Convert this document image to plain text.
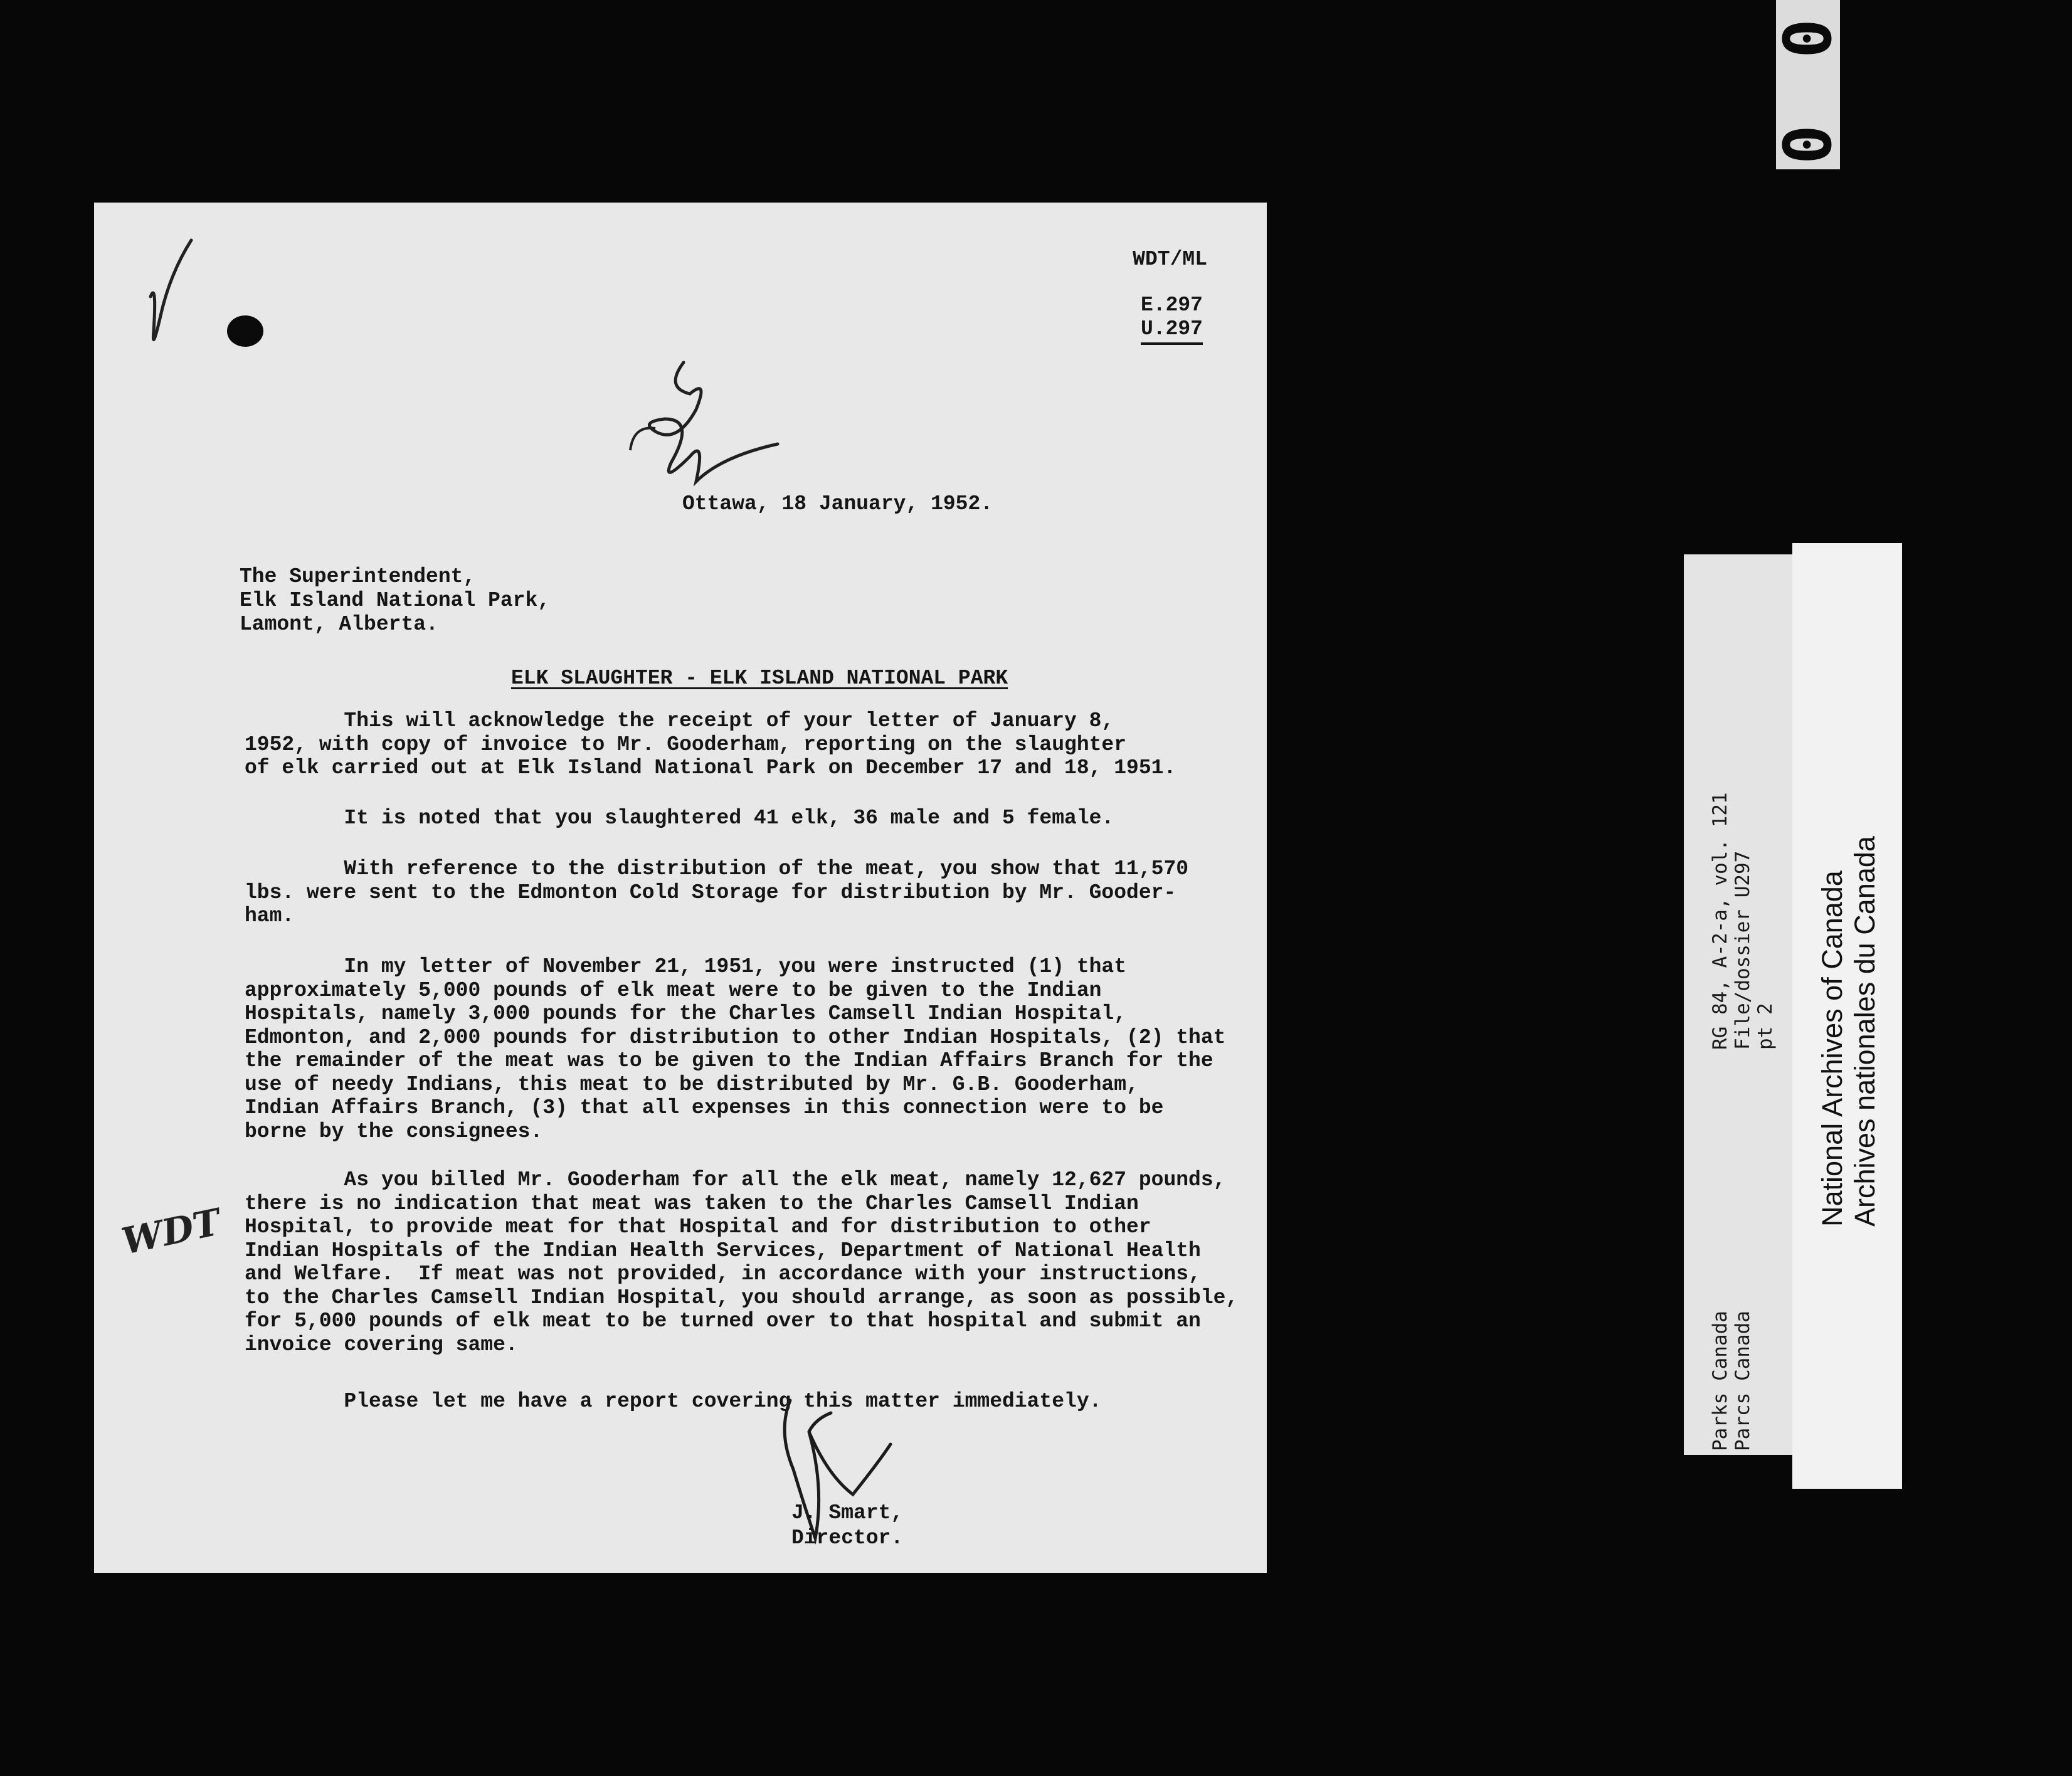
0 0
WDT/ML
E.297
U.297
Ottawa, 18 January, 1952.
The Superintendent,
Elk Island National Park,
Lamont, Alberta.
ELK SLAUGHTER - ELK ISLAND NATIONAL PARK
This will acknowledge the receipt of your letter of January 8,
1952, with copy of invoice to Mr. Gooderham, reporting on the slaughter
of elk carried out at Elk Island National Park on December 17 and 18, 1951.
It is noted that you slaughtered 41 elk, 36 male and 5 female.
With reference to the distribution of the meat, you show that 11,570
lbs. were sent to the Edmonton Cold Storage for distribution by Mr. Gooder-
ham.
In my letter of November 21, 1951, you were instructed (1) that
approximately 5,000 pounds of elk meat were to be given to the Indian
Hospitals, namely 3,000 pounds for the Charles Camsell Indian Hospital,
Edmonton, and 2,000 pounds for distribution to other Indian Hospitals, (2) that
the remainder of the meat was to be given to the Indian Affairs Branch for the
use of needy Indians, this meat to be distributed by Mr. G.B. Gooderham,
Indian Affairs Branch, (3) that all expenses in this connection were to be
borne by the consignees.
As you billed Mr. Gooderham for all the elk meat, namely 12,627 pounds,
there is no indication that meat was taken to the Charles Camsell Indian
Hospital, to provide meat for that Hospital and for distribution to other
Indian Hospitals of the Indian Health Services, Department of National Health
and Welfare.  If meat was not provided, in accordance with your instructions,
to the Charles Camsell Indian Hospital, you should arrange, as soon as possible,
for 5,000 pounds of elk meat to be turned over to that hospital and submit an
invoice covering same.
Please let me have a report covering this matter immediately.
WDT
J. Smart,
Director.
RG 84, A-2-a, vol. 121 File/dossier U297 pt 2
Parks Canada Parcs Canada
National Archives of Canada Archives nationales du Canada
